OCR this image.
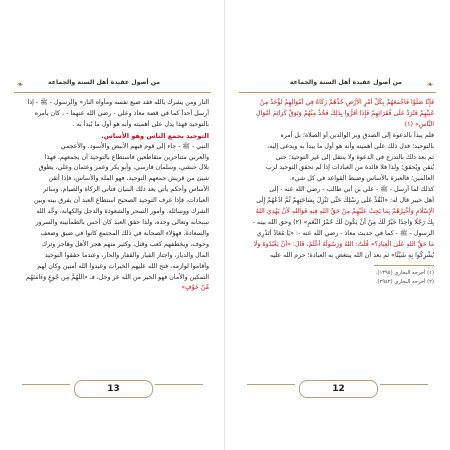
❧	من أصول عقيدة أهل السنة والجماعة
النار ومن يشرك بالله فقد ضيع نفسه ومأواه النار» والرسول - ﷺ - إذا
أرسل أحداً كما في قصة معاذ وعلي - رضي الله عنهما - ، كان يأمره
بالتوحيد فهذا يدل على أهميته وأنه هو أول ما يُبدأ به .
التوحيد يجمع الناس وهو الأساس.
النبي - ﷺ - جاء إلى قوم فيهم الأبيض والأسود، والأعجمي
والعربي متناحرين متقاطعين فاستطاع بالتوحيد أن يجمعهم، فهذا
بلال حبشي، وسلمان فارسي، وأبو بكر وعمر وعثمان وعلي، يطوق
شيئ من قريش جمعهم التوحيد، فهو الملة والأساس، فإذا أُتقن
الأساس وأحكم يأتي بعد ذلك البنيان فتأتي الزكاة والصيام، وسائر
العبادات، فإذا عرف التوحيد الصحيح استطاع العبد أن يفرق بينه وبين
الشرك ووسائله. وأمور السحر والشعوذة والدجل والكهانة، وحِّد الله
سبحانه وتعالى وحده، ولذا حقق العبد كان أحس بالطمأنينة والسرور
والسعادة، فهؤلاء الصحابة في ذلك المجتمع كانوا في ضيق وضعف
وخوف، ويخطفهم كعب وقتل، وكثير منهم هجر الأهل وهاجر وترك
المال والديار، واجتاز القيار والقفار والحار، وعندما حققوا التوحيد
وأقاموا لوازمه، فتح الله عليهم الخيرات وعبدوا الله آمنين وكان لهم
التمكين والأمان فهو الخير من الله عز وجل، فـ «اللَّهُمَّ مِن جُوعٍ وَءَامَنَهُم
مِّنْ خَوْفٍ»
13
❧
من أصول عقيدة أهل السنة والجماعة
فَإِنَّا صَلَوْا فَاجْمَعَهُمْ بِكُلِّ أَمْرٍ الْأَرْضِ خُذْهُمْ زَكَاةً فِي أَمْوَالِهِمْ تُؤْخَذُ مِنْ
غَنِيِّهِمْ فَتُرَدُّ عَلَى فُقَرَائِهِمْ فَإِذَا أَقَرُّوا بِذَلِكَ فَخُذْ مِنْهُمْ وَتَوَقَّ كَرَائِمَ أَمْوَالِ
النَّاسِ» (١)
فلم يبدأ بالدعوة إلى الصدق وبر الوالدين أو الصلاة؛ بل أمره
بالتوحيد؛ فدل ذلك على أهميته وأنه هو أول ما يبدأ به ويدعى إليه،
ثم بعد ذلك بالتدرج في الدعوة ولا ينتقل إلى غير التوحيد؛ حتى
يُتقن ويُحقق؛ ولذا فلا فائدة من العبادات إذا لم تحقق التوحيد لرب
العالمين؛ فالعبرة بالأساس وضبط القواعد في كل شيء.
كذلك لما أرسل - ﷺ - علي بن أبي طالب - رضي الله عنه - إلى
أهل خيبر قال له: «انْفُذْ عَلَى رِسْلِكَ حَتَّى تَنْزِلَ بِسَاحَتِهِمْ ثُمَّ ادْعُهُمْ إِلَى
الْإِسْلَامِ وَأَخْبِرْهُمْ بِمَا يَجِبُ عَلَيْهِمْ مِنْ حَقِّ اللهِ فِيهِ فَوَاللهِ لَأَنْ يَهْدِيَ اللهُ
بِكَ رَجُلًا وَاحِدًا خَيْرٌ لَكَ مِنْ أَنْ يَكُونَ لَكَ حُمْرُ النَّعَمِ» (٢) وحق الله بينه -
الرسول - ﷺ - كما في حديث معاذ - رضي الله عنه -: «يَا مُعَاذُ أَتَدْرِي
مَا حَقُّ اللهِ عَلَى الْعِبَادِ؟» قُلْتُ: اللهُ وَرَسُولُهُ أَعْلَمُ، قَالَ: «أَنْ يَعْبُدُوهُ وَلَا
يُشْرِكُوا بِهِ شَيْئًا» ثم بعد أن الله يبتغض به العبادة؛ حرم الله عليه
(١) أخرجه البخاري (١٣٩٥).
(٢) أخرجه البخاري (٢٩٤٢).
12
